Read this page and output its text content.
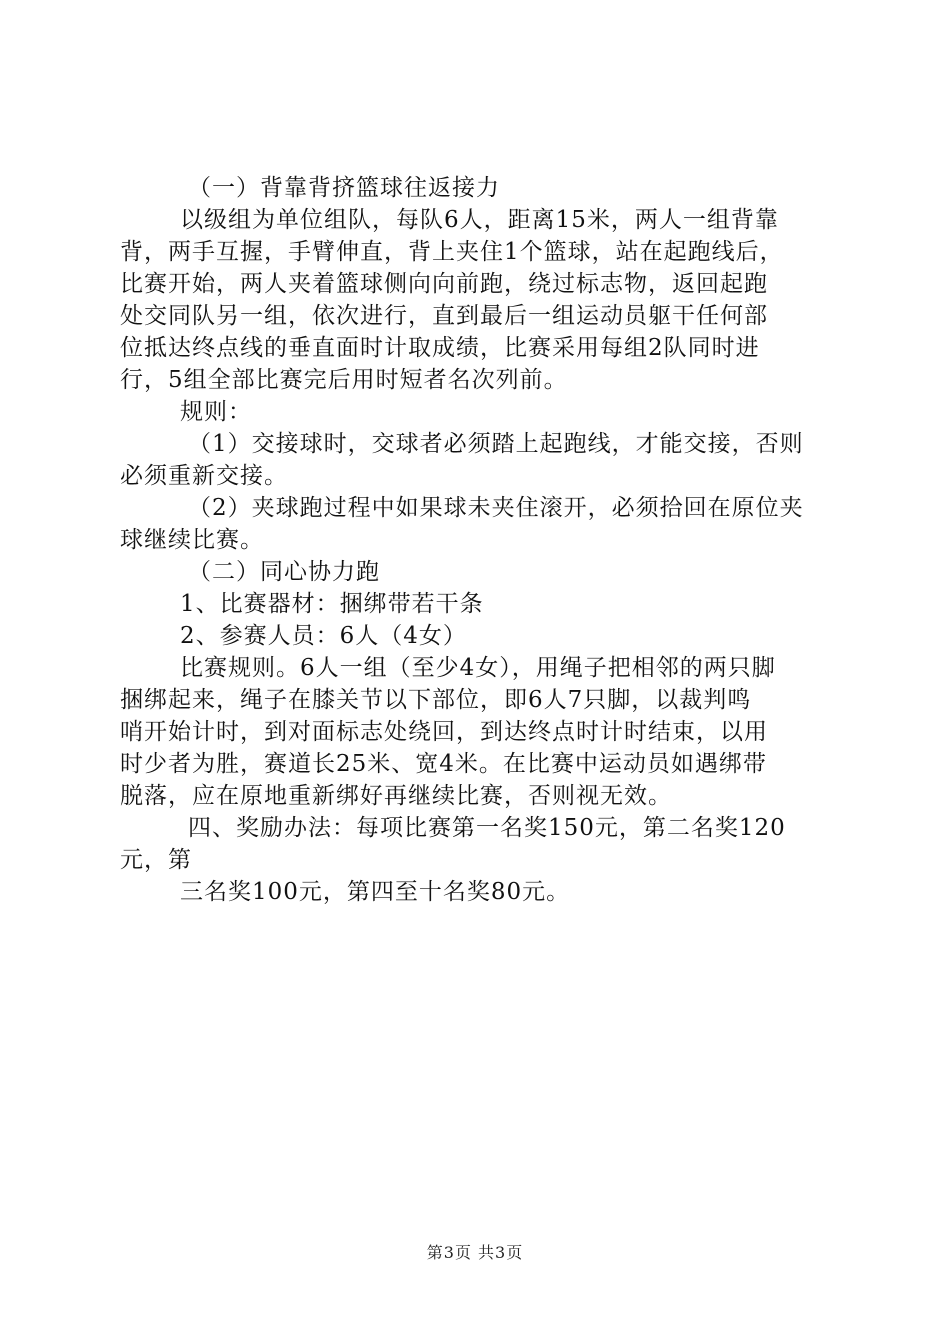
（一）背靠背挤篮球往返接力

以级组为单位组队，每队6人，距离15米，两人一组背靠

背，两手互握，手臂伸直，背上夹住1个篮球，站在起跑线后，

比赛开始，两人夹着篮球侧向向前跑，绕过标志物，返回起跑

处交同队另一组，依次进行，直到最后一组运动员躯干任何部

位抵达终点线的垂直面时计取成绩，比赛采用每组2队同时进

行，5组全部比赛完后用时短者名次列前。

规则：

（1）交接球时，交球者必须踏上起跑线，才能交接，否则

必须重新交接。

（2）夹球跑过程中如果球未夹住滚开，必须拾回在原位夹

球继续比赛。

（二）同心协力跑

1、比赛器材：捆绑带若干条

2、参赛人员：6人（4女）

比赛规则。6人一组（至少4女），用绳子把相邻的两只脚

捆绑起来，绳子在膝关节以下部位，即6人7只脚，以裁判鸣

哨开始计时，到对面标志处绕回，到达终点时计时结束，以用

时少者为胜，赛道长25米、宽4米。在比赛中运动员如遇绑带

脱落，应在原地重新绑好再继续比赛，否则视无效。

四、奖励办法：每项比赛第一名奖150元，第二名奖120

元，第

三名奖100元，第四至十名奖80元。

第3页 共3页
